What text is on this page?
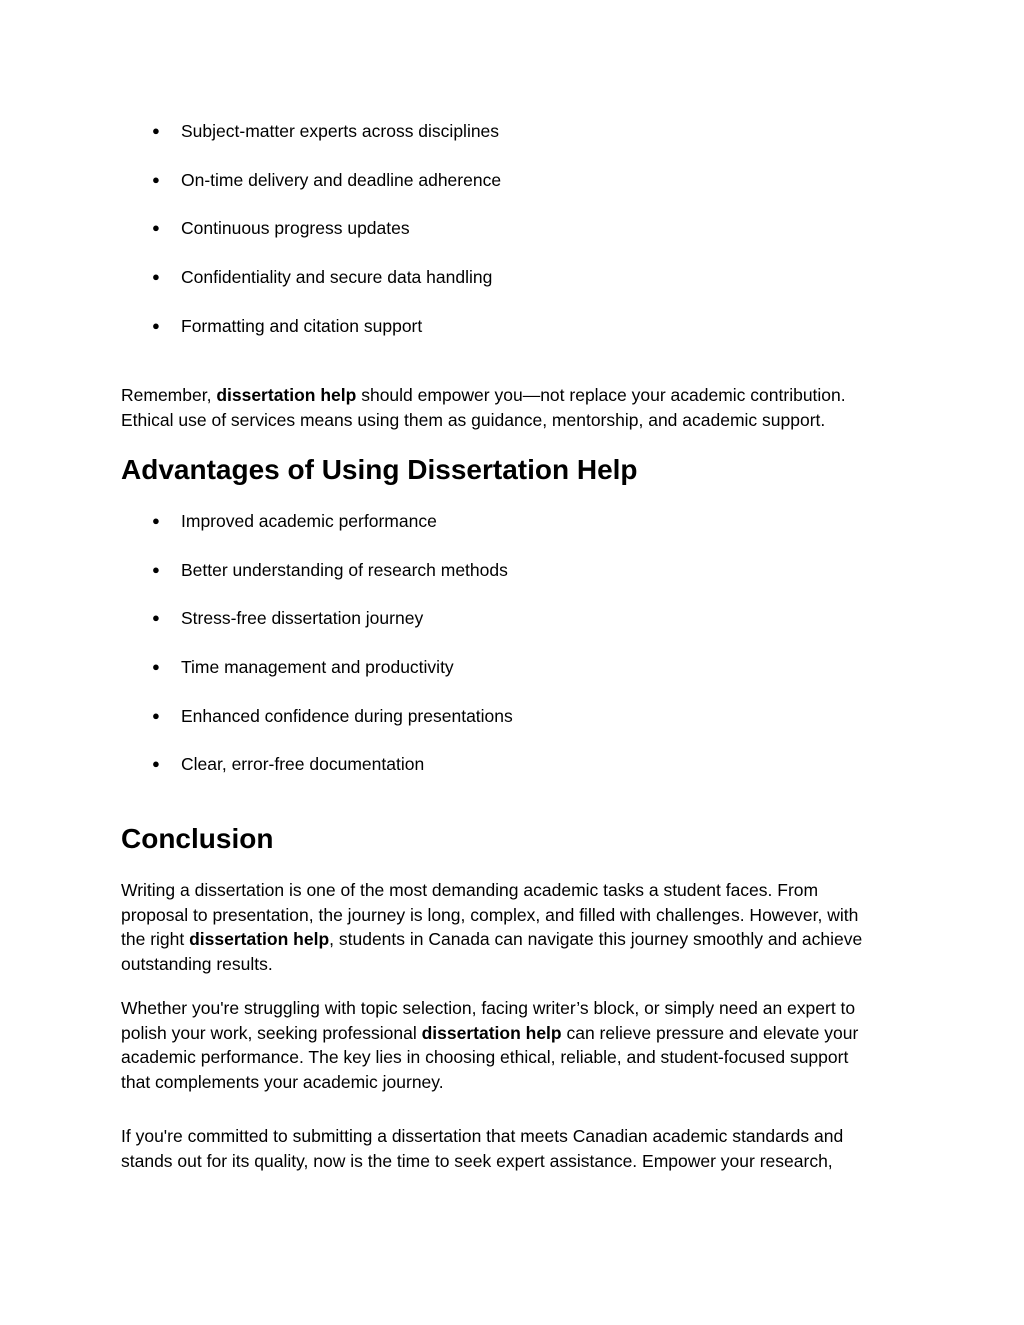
● Subject-matter experts across disciplines
● On-time delivery and deadline adherence
● Continuous progress updates
● Confidentiality and secure data handling
● Formatting and citation support

Remember, dissertation help should empower you—not replace your academic contribution.
Ethical use of services means using them as guidance, mentorship, and academic support.

Advantages of Using Dissertation Help
● Improved academic performance
● Better understanding of research methods
● Stress-free dissertation journey
● Time management and productivity
● Enhanced confidence during presentations
● Clear, error-free documentation
Conclusion

Writing a dissertation is one of the most demanding academic tasks a student faces. From
proposal to presentation, the journey is long, complex, and filled with challenges. However, with
the right dissertation help, students in Canada can navigate this journey smoothly and achieve
outstanding results.

Whether you're struggling with topic selection, facing writer’s block, or simply need an expert to
polish your work, seeking professional dissertation help can relieve pressure and elevate your
academic performance. The key lies in choosing ethical, reliable, and student-focused support
that complements your academic journey.

If you're committed to submitting a dissertation that meets Canadian academic standards and
stands out for its quality, now is the time to seek expert assistance. Empower your research,
